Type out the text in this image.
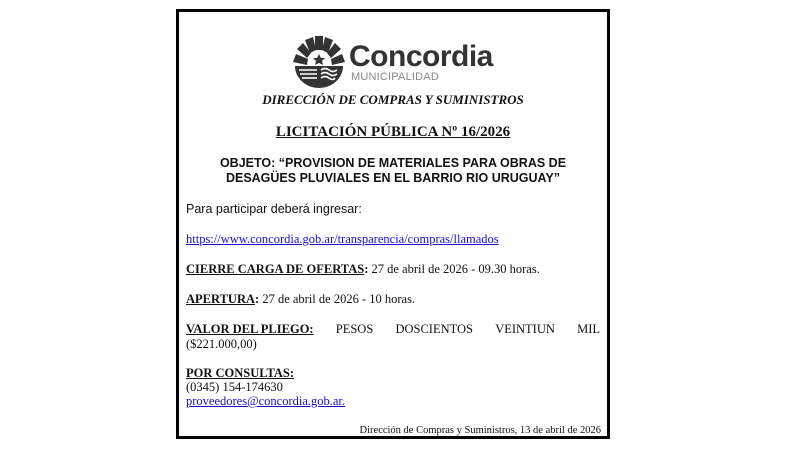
Concordia
MUNICIPALIDAD
DIRECCIÓN DE COMPRAS Y SUMINISTROS
LICITACIÓN PÚBLICA Nº 16/2026
OBJETO: “PROVISION DE MATERIALES PARA OBRAS DE
DESAGÜES PLUVIALES EN EL BARRIO RIO URUGUAY”
Para participar deberá ingresar:
https://www.concordia.gob.ar/transparencia/compras/llamados
CIERRE CARGA DE OFERTAS: 27 de abril de 2026 - 09.30 horas.
APERTURA: 27 de abril de 2026 - 10 horas.
VALOR DEL PLIEGO: PESOS DOSCIENTOS VEINTIUN MIL
($221.000,00)
POR CONSULTAS:
(0345) 154-174630
proveedores@concordia.gob.ar.
Dirección de Compras y Suministros, 13 de abril de 2026
